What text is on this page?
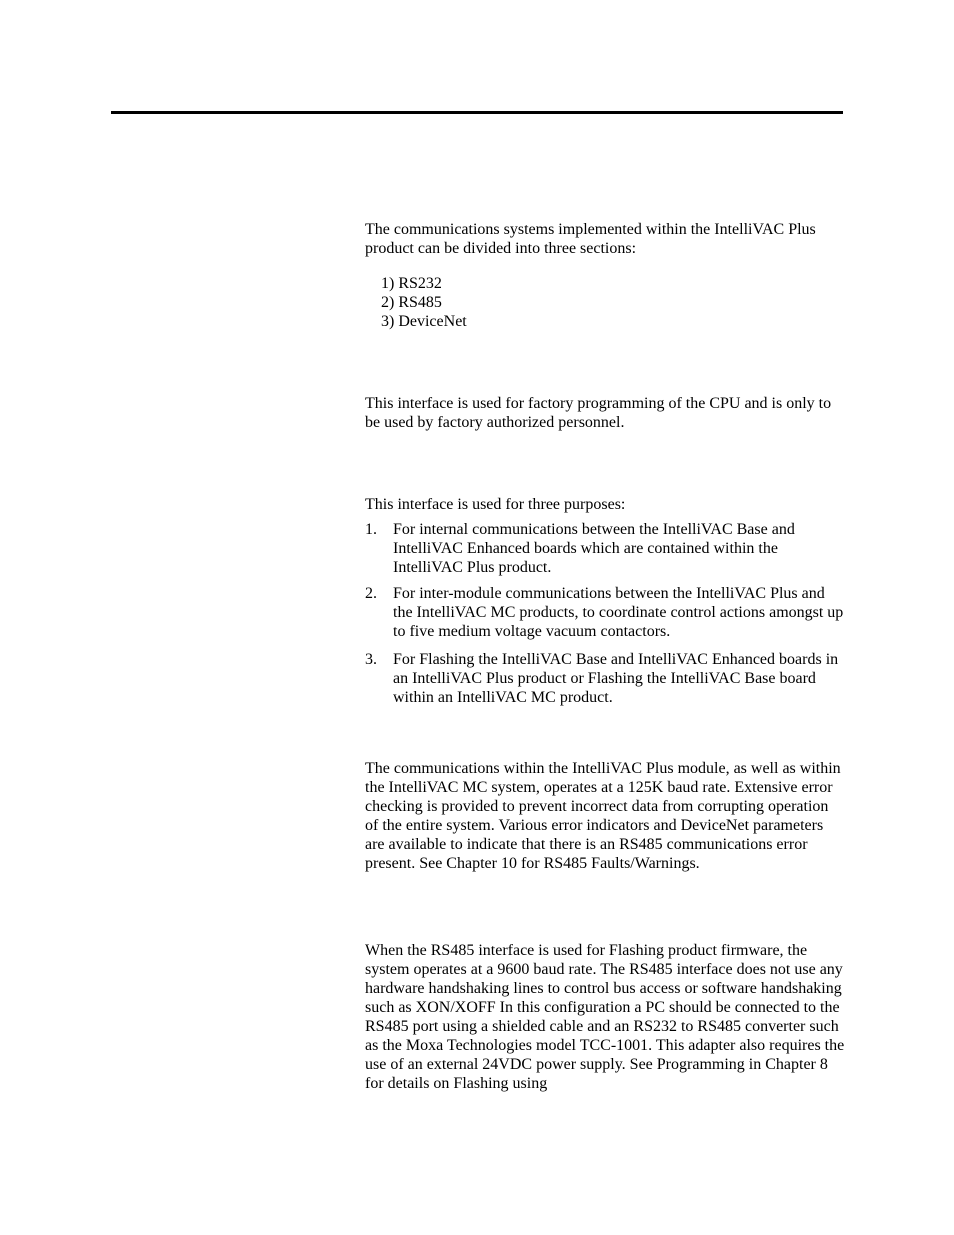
The communications systems implemented within the IntelliVAC Plus product can be divided into three sections:

1) RS232
2) RS485
3) DeviceNet

This interface is used for factory programming of the CPU and is only to be used by factory authorized personnel.

This interface is used for three purposes:

1. For internal communications between the IntelliVAC Base and IntelliVAC Enhanced boards which are contained within the IntelliVAC Plus product.
2. For inter-module communications between the IntelliVAC Plus and the IntelliVAC MC products, to coordinate control actions amongst up to five medium voltage vacuum contactors.
3. For Flashing the IntelliVAC Base and IntelliVAC Enhanced boards in an IntelliVAC Plus product or Flashing the IntelliVAC Base board within an IntelliVAC MC product.

The communications within the IntelliVAC Plus module, as well as within the IntelliVAC MC system, operates at a 125K baud rate. Extensive error checking is provided to prevent incorrect data from corrupting operation of the entire system. Various error indicators and DeviceNet parameters are available to indicate that there is an RS485 communications error present. See Chapter 10 for RS485 Faults/Warnings.

When the RS485 interface is used for Flashing product firmware, the system operates at a 9600 baud rate. The RS485 interface does not use any hardware handshaking lines to control bus access or software handshaking such as XON/XOFF In this configuration a PC should be connected to the RS485 port using a shielded cable and an RS232 to RS485 converter such as the Moxa Technologies model TCC-1001. This adapter also requires the use of an external 24VDC power supply. See Programming in Chapter 8 for details on Flashing using
